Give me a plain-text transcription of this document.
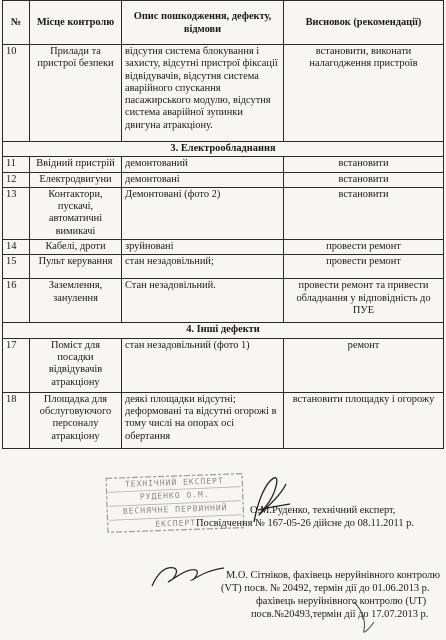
№	Місце контролю	Опис пошкодження, дефекту, відмови	Висновок (рекомендації)
10	Прилади та пристрої безпеки	відсутня система блокування і захисту, відсутні пристрої фіксації відвідувачів, відсутня система аварійного спускання пасажирського модулю, відсутня система аварійної зупинки двигуна атракціону.	встановити, виконати налагодження пристроїв
3. Електрообладнання			
11	Ввідний пристрій	демонтований	встановити
12	Електродвигуни	демонтовані	встановити
13	Контактори, пускачі, автоматичні вимикачі	Демонтовані (фото 2)	встановити
14	Кабелі, дроти	зруйновані	провести ремонт
15	Пульт керування	стан незадовільний;	провести ремонт
16	Заземлення, занулення	Стан незадовільний.	провести ремонт та привести обладнання у відповідність до ПУЕ
4. Інші дефекти			
17	Поміст для посадки відвідувачів атракціону	стан незадовільний (фото 1)	ремонт
18	Площадка для обслуговуючого персоналу атракціону	деякі площадки відсутні; деформовані та відсутні огорожі в тому числі на опорах осі обертання	встановити площадку і огорожу
ТЕХНІЧНИЙ ЕКСПЕРТ
РУДЕНКО О.М.
ВЕСНЯЧНЕ ПЕРВИННИЙ
ЕКСПЕРТ
О.М.Руденко, технічний експерт,
Посвідчення № 167-05-26 дійсне до 08.11.2011 р.
М.О. Сітніков, фахівець неруйнівного контролю
(VT) посв. № 20492, термін дії до 01.06.2013 р.
фахівець неруйнівного контролю (UT)
посв.№20493,термін дії до 17.07.2013 р.
